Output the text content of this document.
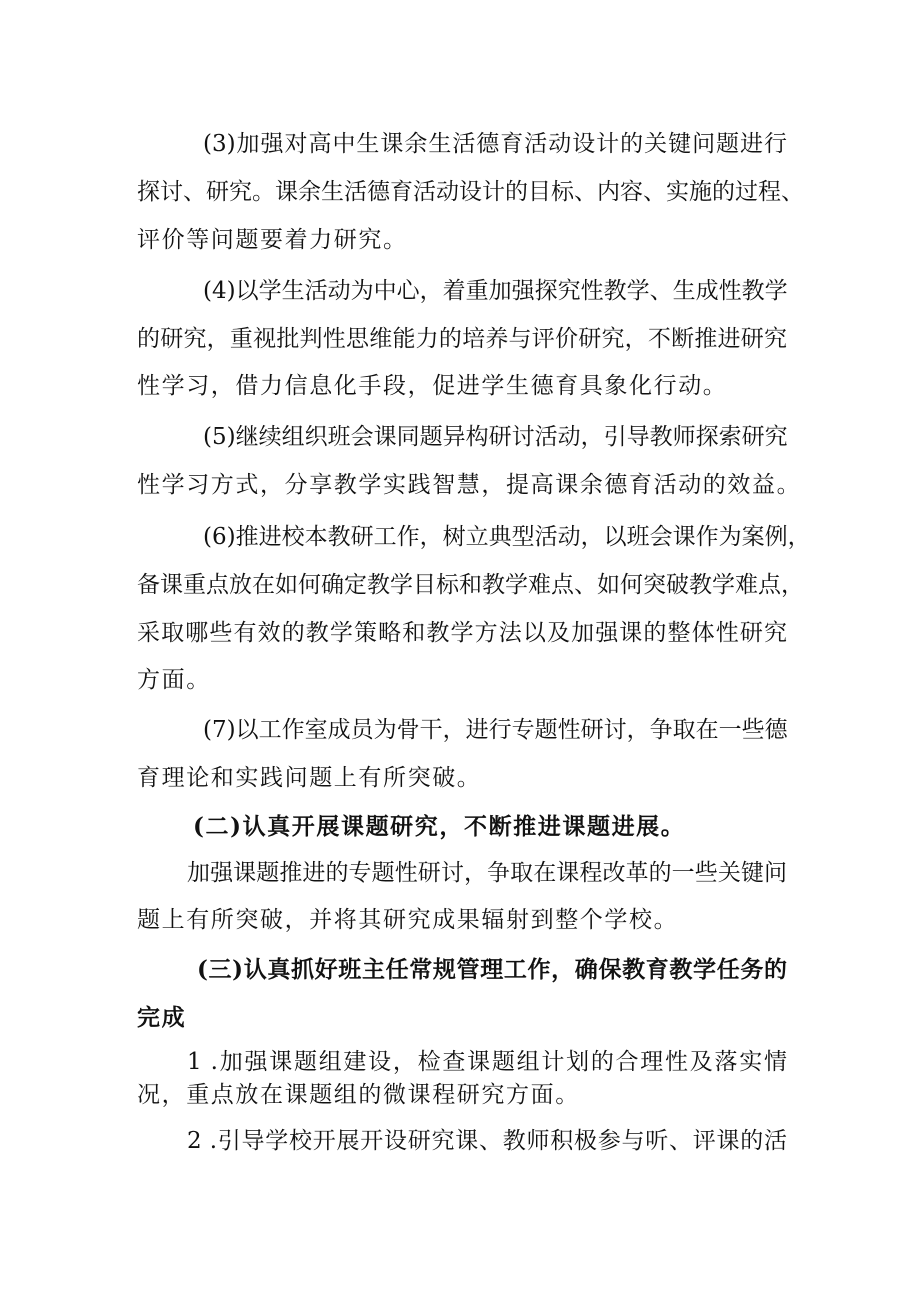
(3)加强对高中生课余生活德育活动设计的关键问题进行
探讨、研究。课余生活德育活动设计的目标、内容、实施的过程、
评价等问题要着力研究。
(4)以学生活动为中心，着重加强探究性教学、生成性教学
的研究，重视批判性思维能力的培养与评价研究，不断推进研究
性学习，借力信息化手段，促进学生德育具象化行动。
(5)继续组织班会课同题异构研讨活动，引导教师探索研究
性学习方式，分享教学实践智慧，提高课余德育活动的效益。
(6)推进校本教研工作，树立典型活动，以班会课作为案例，
备课重点放在如何确定教学目标和教学难点、如何突破教学难点，
采取哪些有效的教学策略和教学方法以及加强课的整体性研究
方面。
(7)以工作室成员为骨干，进行专题性研讨，争取在一些德
育理论和实践问题上有所突破。
(二)认真开展课题研究，不断推进课题进展。
加强课题推进的专题性研讨，争取在课程改革的一些关键问
题上有所突破，并将其研究成果辐射到整个学校。
(三)认真抓好班主任常规管理工作，确保教育教学任务的
完成
1 .加强课题组建设，检查课题组计划的合理性及落实情
况，重点放在课题组的微课程研究方面。
2 .引导学校开展开设研究课、教师积极参与听、评课的活
